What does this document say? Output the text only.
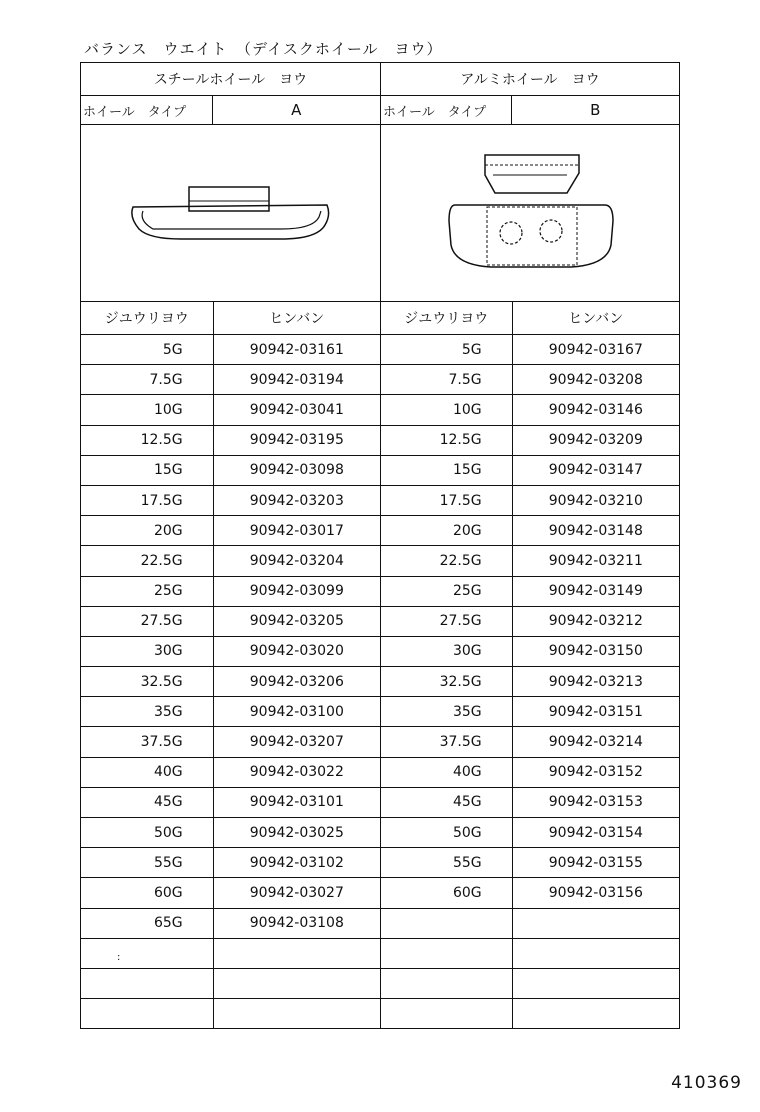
バランス　ウエイト　（デイスクホイール　ヨウ）
スチールホイール　ヨウ	アルミホイール　ヨウ
ホイール　タイプ	A	ホイール　タイプ	B
ジユウリヨウ	ヒンバン	ジユウリヨウ	ヒンバン
5G	90942-03161	5G	90942-03167
7.5G	90942-03194	7.5G	90942-03208
10G	90942-03041	10G	90942-03146
12.5G	90942-03195	12.5G	90942-03209
15G	90942-03098	15G	90942-03147
17.5G	90942-03203	17.5G	90942-03210
20G	90942-03017	20G	90942-03148
22.5G	90942-03204	22.5G	90942-03211
25G	90942-03099	25G	90942-03149
27.5G	90942-03205	27.5G	90942-03212
30G	90942-03020	30G	90942-03150
32.5G	90942-03206	32.5G	90942-03213
35G	90942-03100	35G	90942-03151
37.5G	90942-03207	37.5G	90942-03214
40G	90942-03022	40G	90942-03152
45G	90942-03101	45G	90942-03153
50G	90942-03025	50G	90942-03154
55G	90942-03102	55G	90942-03155
60G	90942-03027	60G	90942-03156
65G	90942-03108
:
410369
